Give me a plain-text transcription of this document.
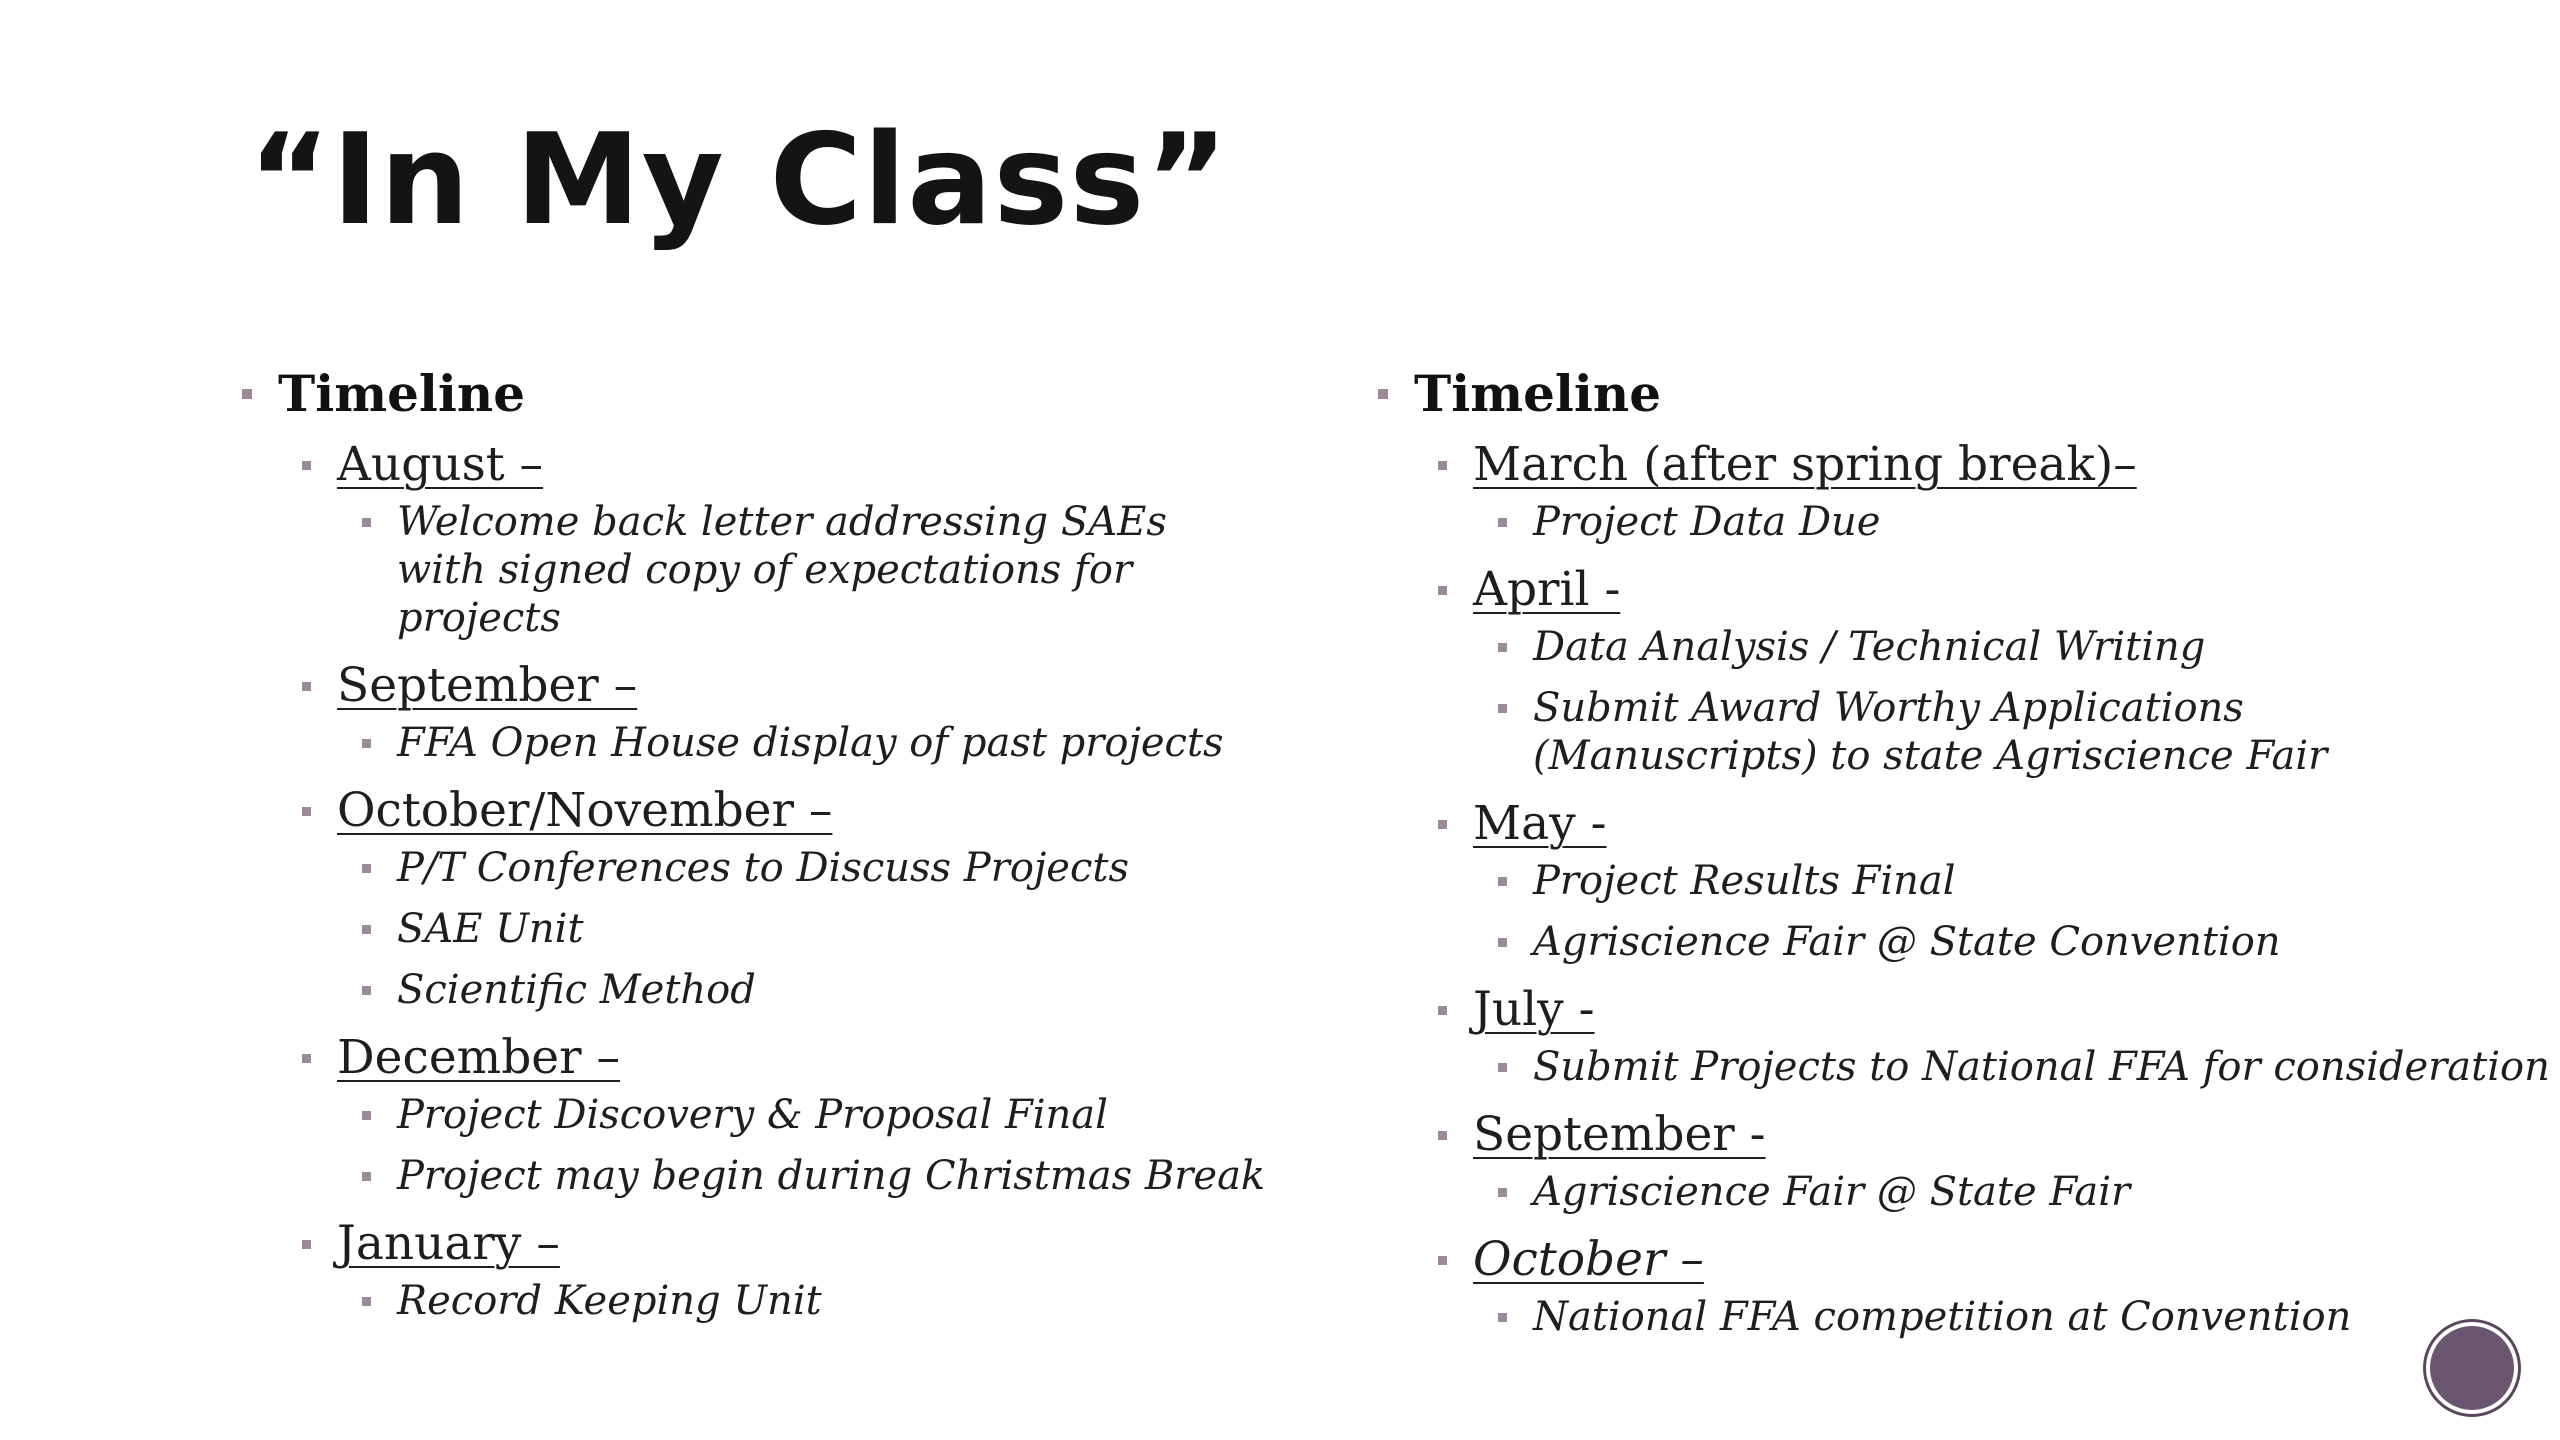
“In My Class”
Timeline
August –
Welcome back letter addressing SAEs with signed copy of expectations for projects
September –
FFA Open House display of past projects
October/November –
P/T Conferences to Discuss Projects
SAE Unit
Scientific Method
December –
Project Discovery & Proposal Final
Project may begin during Christmas Break
January –
Record Keeping Unit
Timeline
March (after spring break)–
Project Data Due
April -
Data Analysis / Technical Writing
Submit Award Worthy Applications (Manuscripts) to state Agriscience Fair
May -
Project Results Final
Agriscience Fair @ State Convention
July -
Submit Projects to National FFA for consideration
September -
Agriscience Fair @ State Fair
October –
National FFA competition at Convention
